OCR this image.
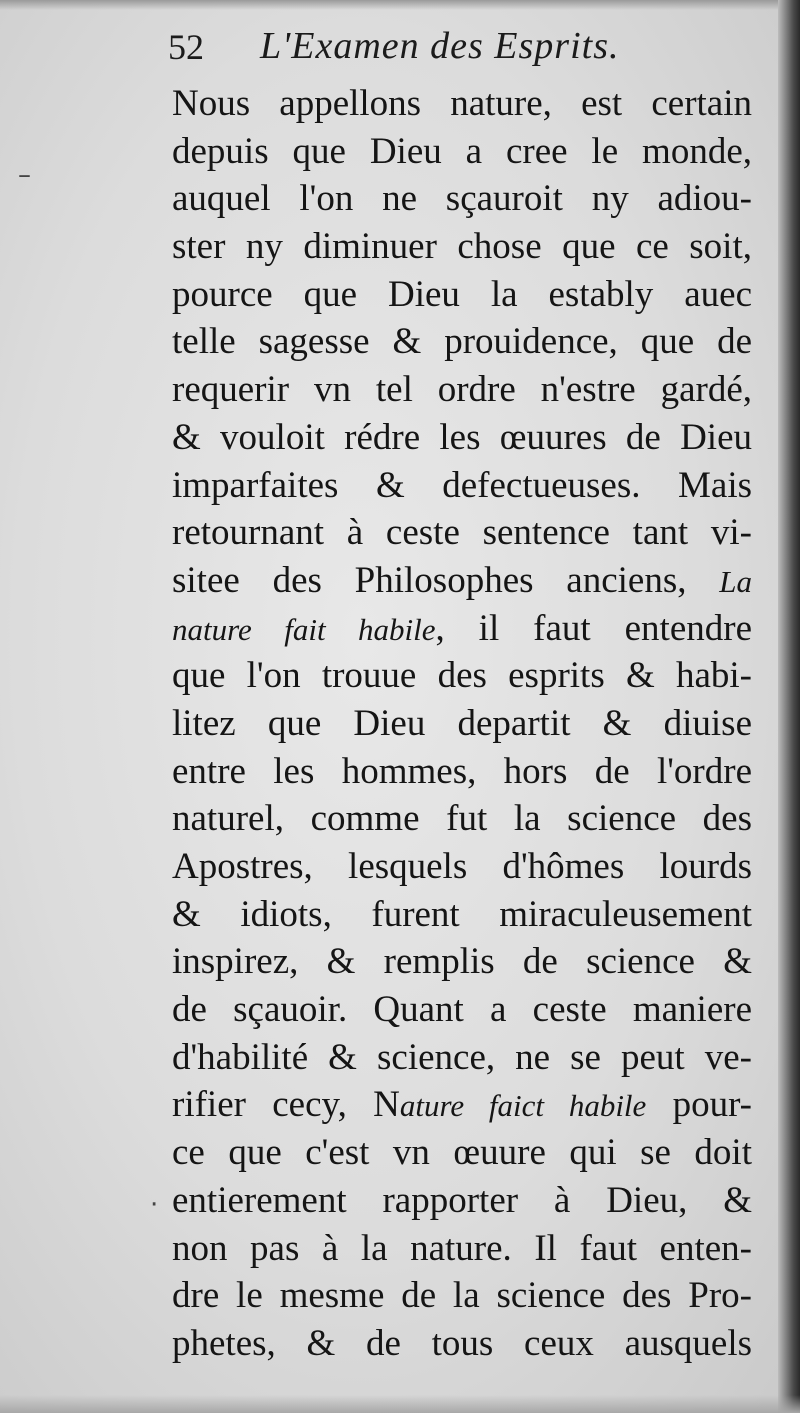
52 L'Examen des Esprits.
–
·
Nous appellons nature, est certain
depuis que Dieu a cree le monde,
auquel l'on ne sçauroit ny adiou-
ster ny diminuer chose que ce soit,
pource que Dieu la estably auec
telle sagesse & prouidence, que de
requerir vn tel ordre n'estre gardé,
& vouloit rédre les œuures de Dieu
imparfaites & defectueuses. Mais
retournant à ceste sentence tant vi-
sitee des Philosophes anciens, La
nature fait habile, il faut entendre
que l'on trouue des esprits & habi-
litez que Dieu departit & diuise
entre les hommes, hors de l'ordre
naturel, comme fut la science des
Apostres, lesquels d'hômes lourds
& idiots, furent miraculeusement
inspirez, & remplis de science &
de sçauoir. Quant a ceste maniere
d'habilité & science, ne se peut ve-
rifier cecy, Nature faict habile pour-
ce que c'est vn œuure qui se doit
entierement rapporter à Dieu, &
non pas à la nature. Il faut enten-
dre le mesme de la science des Pro-
phetes, & de tous ceux ausquels
